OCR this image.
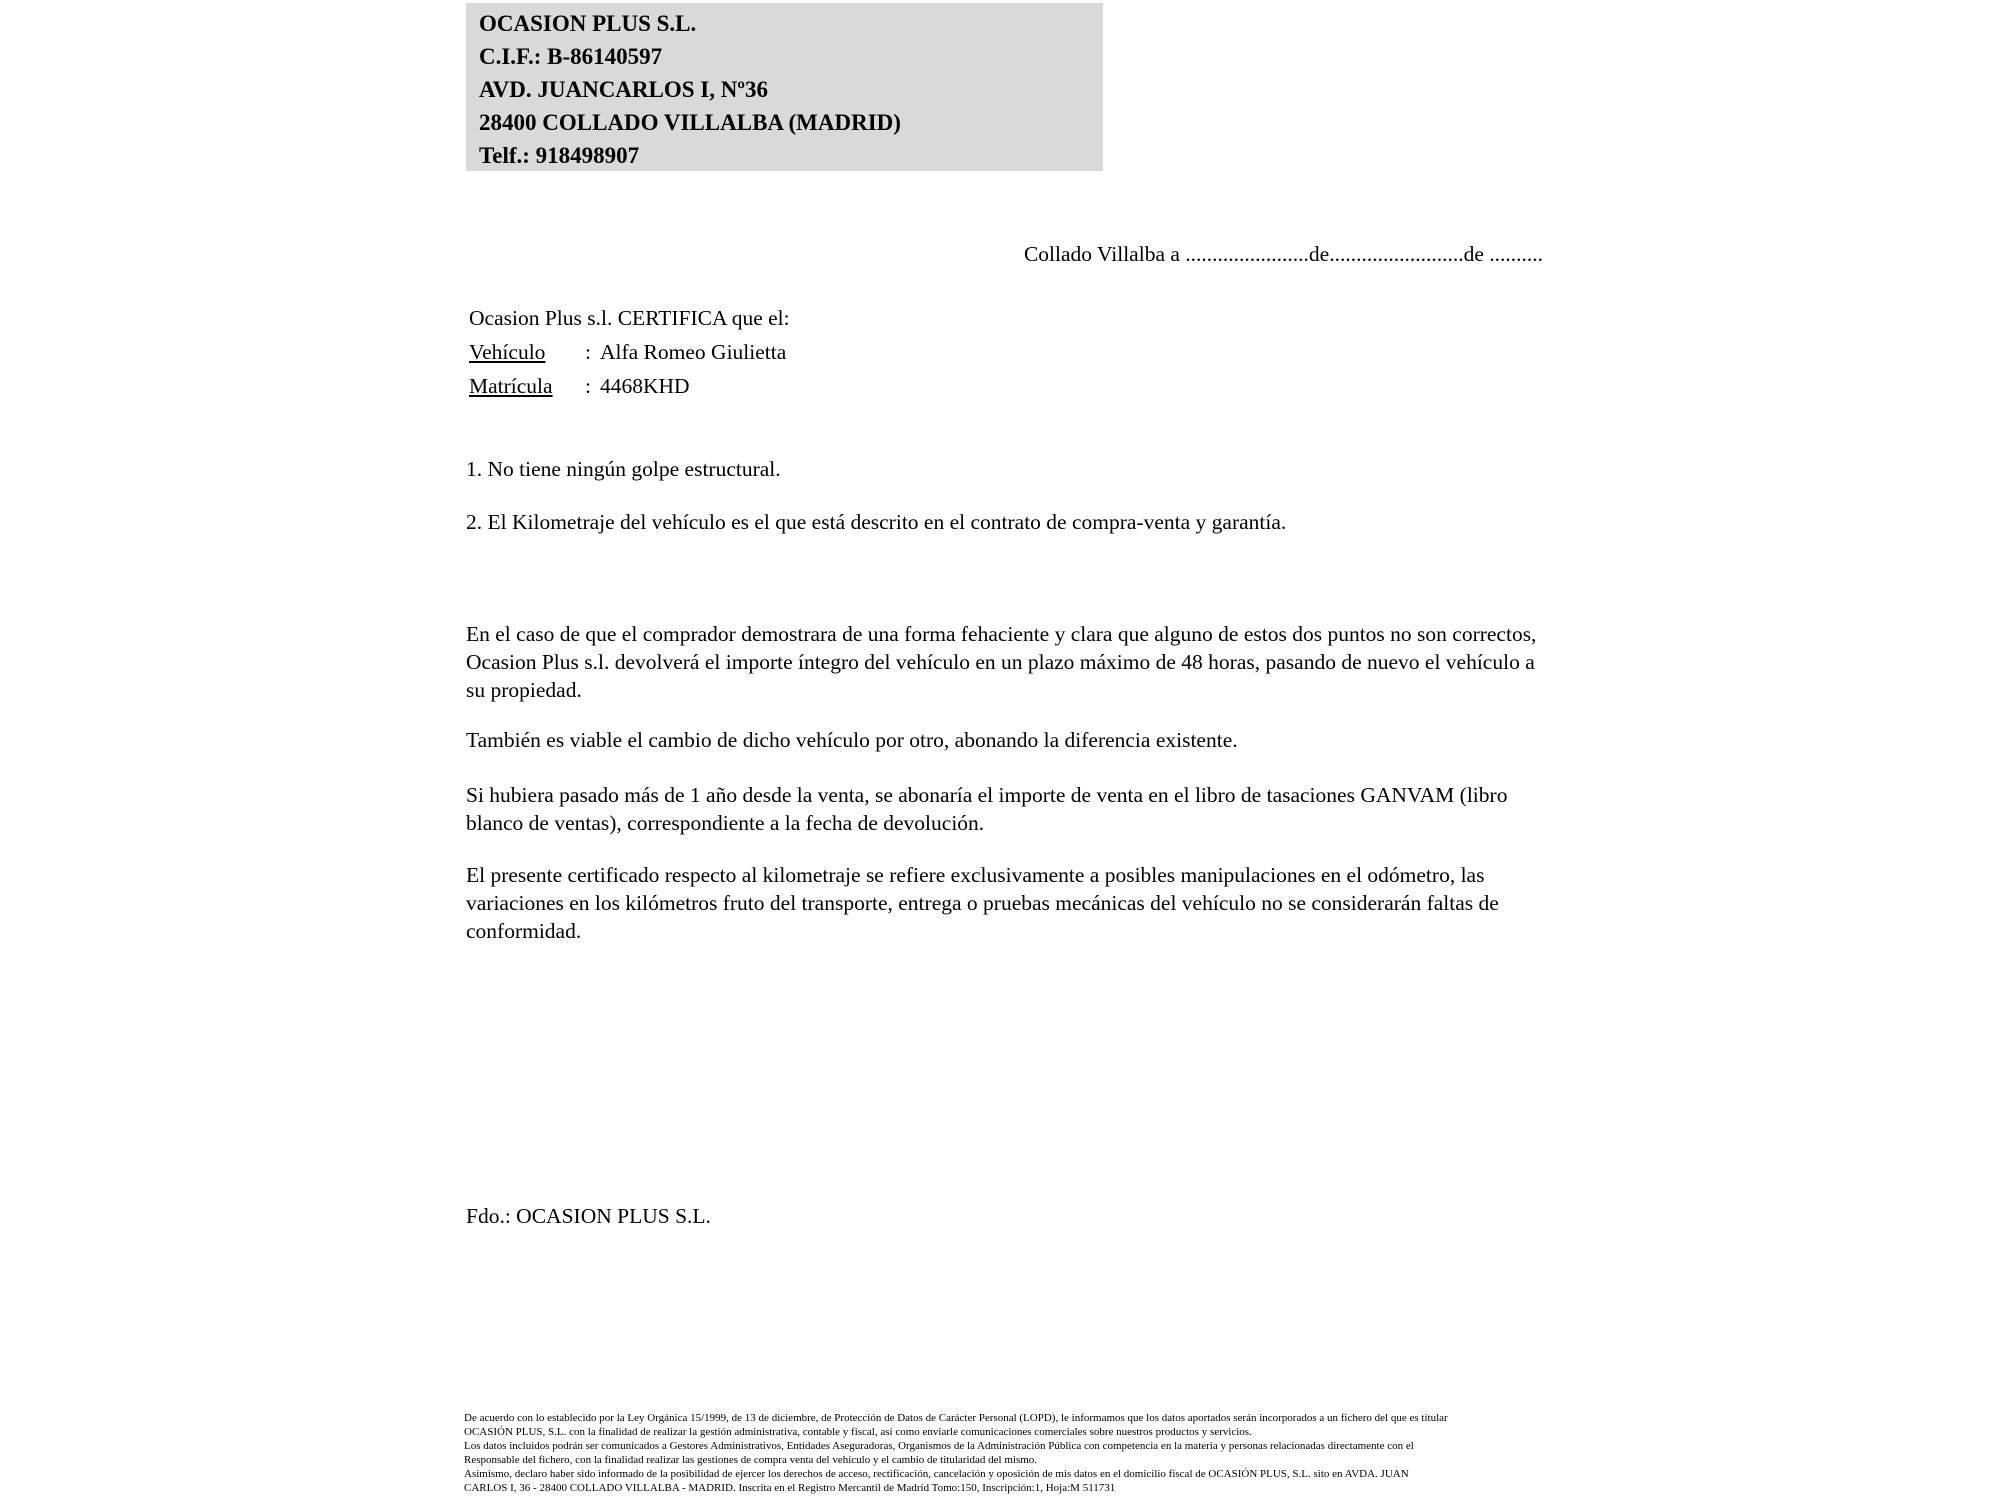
OCASION PLUS S.L.
C.I.F.: B-86140597
AVD. JUANCARLOS I, Nº36
28400 COLLADO VILLALBA (MADRID)
Telf.: 918498907
Collado Villalba a .......................de.........................de ..........
Ocasion Plus s.l. CERTIFICA que el:
Vehículo : Alfa Romeo Giulietta
Matrícula : 4468KHD
1. No tiene ningún golpe estructural.
2. El Kilometraje del vehículo es el que está descrito en el contrato de compra-venta y garantía.
En el caso de que el comprador demostrara de una forma fehaciente y clara que alguno de estos dos puntos no son correctos, Ocasion Plus s.l. devolverá el importe íntegro del vehículo en un plazo máximo de 48 horas, pasando de nuevo el vehículo a su propiedad.
También es viable el cambio de dicho vehículo por otro, abonando la diferencia existente.
Si hubiera pasado más de 1 año desde la venta, se abonaría el importe de venta en el libro de tasaciones GANVAM (libro blanco de ventas), correspondiente a la fecha de devolución.
El presente certificado respecto al kilometraje se refiere exclusivamente a posibles manipulaciones en el odómetro, las variaciones en los kilómetros fruto del transporte, entrega o pruebas mecánicas del vehículo no se considerarán faltas de conformidad.
Fdo.: OCASION PLUS S.L.
De acuerdo con lo establecido por la Ley Orgánica 15/1999, de 13 de diciembre, de Protección de Datos de Carácter Personal (LOPD), le informamos que los datos aportados serán incorporados a un fichero del que es titular
OCASIÓN PLUS, S.L. con la finalidad de realizar la gestión administrativa, contable y fiscal, así como enviarle comunicaciones comerciales sobre nuestros productos y servicios.
Los datos incluidos podrán ser comunicados a Gestores Administrativos, Entidades Aseguradoras, Organismos de la Administración Pública con competencia en la materia y personas relacionadas directamente con el
Responsable del fichero, con la finalidad realizar las gestiones de compra venta del vehículo y el cambio de titularidad del mismo.
Asimismo, declaro haber sido informado de la posibilidad de ejercer los derechos de acceso, rectificación, cancelación y oposición de mis datos en el domicilio fiscal de OCASIÓN PLUS, S.L. sito en AVDA. JUAN
CARLOS I, 36 - 28400 COLLADO VILLALBA - MADRID. Inscrita en el Registro Mercantil de Madrid Tomo:150, Inscripción:1, Hoja:M 511731
